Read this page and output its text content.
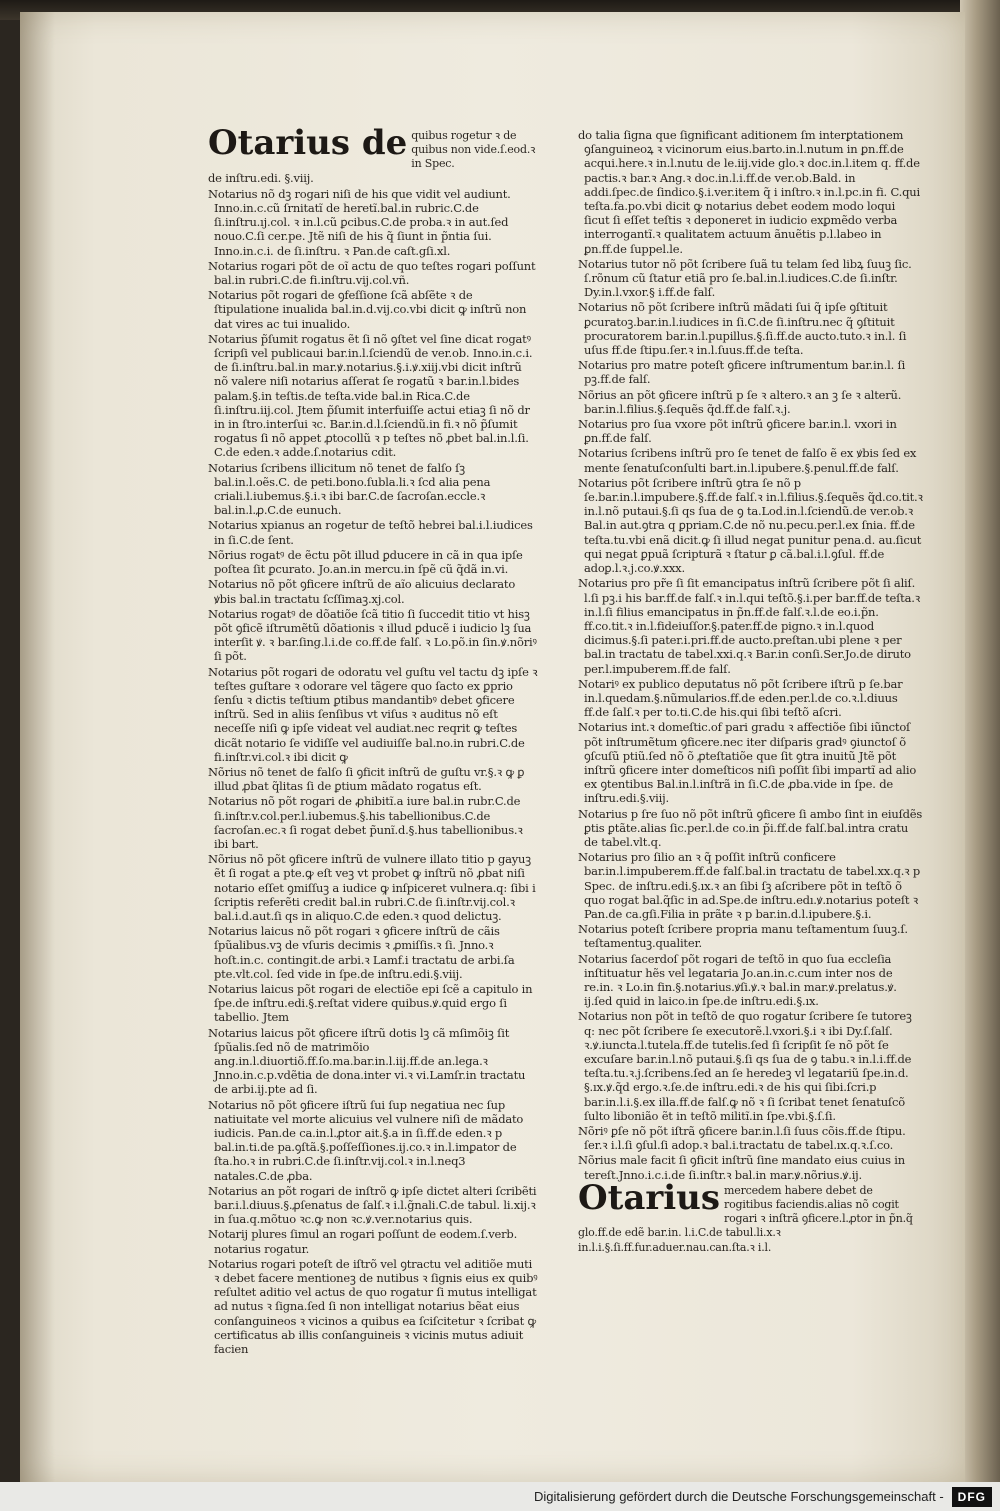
Otarius de quibus rogetur ꝛ de quibus non vide.ſ.eod.ꝛ in Spec.
de inſtru.edi. §.viij.

Notarius nõ dꝫ rogari niſi de his que vidit vel audiunt. Inno.in.c.cũ ſrnitatĩ de heretĩ.bal.in rubric.C.de ſi.inſtru.ıj.col. ꝛ in.l.cũ ꝑcibus.C.de proba.ꝛ in aut.ſed nouo.C.ſi cer.pe. Jtẽ niſi de his q̃ ſiunt in p̃ntia ſui. Inno.in.c.i. de ſi.inſtru. ꝛ Pan.de caſt.gſi.xl.

Notarius rogari põt de oĩ actu de quo teſtes rogari poſſunt bal.in rubri.C.de fi.inſtru.vij.col.vñ.

Notarius põt rogari de ꝯfeſſione ſcã abſẽte ꝛ de ſtipulatione inualida bal.in.d.vij.co.vbi dicit ꝙ inſtrũ non dat vires ac tui inualido.

Notarius p̃ſumit rogatus ẽt ſi nõ ꝯſtet vel ſine dicat rogatꝰ ſcripſi vel publicaui bar.in.l.ſciendũ de ver.ob. Inno.in.c.i. de ſi.inſtru.bal.in mar.ꝟ.notarius.§.i.ꝟ.xiij.vbi dicit inſtrũ nõ valere niſi notarius aſſerat ſe rogatũ ꝛ bar.in.l.bides palam.§.in teſtis.de teſta.vide bal.in Rica.C.de ſi.inſtru.iij.col. Jtem p̃ſumit interfuiſſe actui etiaꝫ ſi nõ dr in in ſtro.interſui ꝛc. Bar.in.d.l.ſciendũ.in fi.ꝛ nõ p̃ſumit rogatus ſi nõ appet ꝓtocollũ ꝛ p teſtes nõ ꝓbet bal.in.l.ſi. C.de eden.ꝛ adde.ſ.notarius cdit.

Notarius ſcribens illicitum nõ tenet de falſo ſꝫ bal.in.l.oẽs.C. de peti.bono.ſubla.li.ꝛ ſcd alia pena criali.l.iubemus.§.i.ꝛ ibi bar.C.de ſacroſan.eccle.ꝛ bal.in.l.ꝓ.C.de eunuch.

Notarius xpianus an rogetur de teſtõ hebrei bal.i.l.iudices in ſi.C.de ſent.

Nõrius rogatꝰ de ẽctu põt illud ꝑducere in cã in qua ipſe poſtea ſit ꝑcurato. Jo.an.in mercu.in ſpẽ cũ q̃dã in.vi.

Notarius nõ põt ꝯficere inſtrũ de aĩo alicuius declarato ꝟbis bal.in tractatu ſcſſimaꝫ.xj.col.

Notarius rogatꝰ de dõatiõe ſcã titio ſi ſuccedit titio vt hisꝫ põt ꝯficẽ iſtrumẽtũ dõationis ꝛ illud ꝑducẽ i iudicio lꝫ ſua interſit ꝟ. ꝛ bar.ſing.l.i.de co.ff.de falſ. ꝛ Lo.põ.in ſin.ꝟ.nõriꝰ ſi põt.

Notarius põt rogari de odoratu vel guſtu vel tactu dꝫ ipſe ꝛ teſtes guſtare ꝛ odorare vel tãgere quo ſacto ex ꝑprio ſenſu ꝛ dictis teſtium ꝑtibus mandantibꝰ debet ꝯficere inſtrũ. Sed in aliis ſenſibus vt viſus ꝛ auditus nõ eſt neceſſe niſi ꝙ ipſe videat vel audiat.nec reqrit ꝙ teſtes dicãt notario ſe vidiſſe vel audiuiſſe bal.no.in rubri.C.de fi.inſtr.vi.col.ꝛ ibi dicit ꝙ

Nõrius nõ tenet de falſo ſi ꝯficit inſtrũ de guſtu vr.§.ꝛ ꝙ ꝑ illud ꝓbat q̃litas ſi de ꝑtium mãdato rogatus eſt.

Notarius nõ põt rogari de ꝓhibitĩ.a iure bal.in rubr.C.de ſi.inſtr.v.col.per.l.iubemus.§.his tabellionibus.C.de ſacroſan.ec.ꝛ ſi rogat debet p̃unĩ.d.§.hus tabellionibus.ꝛ ibi bart.

Nõrius nõ põt ꝯficere inſtrũ de vulnere illato titio p gayuꝫ ẽt ſi rogat a pte.ꝙ eſt veꝫ vt probet ꝙ inſtrũ nõ ꝓbat niſi notario eſſet ꝯmiſſuꝫ a iudice ꝙ inſpiceret vulnera.q: ſibi i ſcriptis referẽti credit bal.in rubri.C.de ſi.inſtr.vij.col.ꝛ bal.i.d.aut.ſi qs in aliquo.C.de eden.ꝛ quod delictuꝫ.

Notarius laicus nõ põt rogari ꝛ ꝯficere inſtrũ de cãis ſpũalibus.vꝫ de vſuris decimis ꝛ ꝓmiſſis.ꝛ ſi. Jnno.ꝛ hoſt.in.c. contingit.de arbi.ꝛ Lamf.i tractatu de arbi.ſa pte.vlt.col. ſed vide in ſpe.de inſtru.edi.§.viij.

Notarius laicus põt rogari de electiõe epi ſcẽ a capitulo in ſpe.de inſtru.edi.§.reſtat videre quibus.ꝟ.quid ergo ſi tabellio. Jtem

Notarius laicus põt ꝯficere iſtrũ dotis lꝫ cã mſimõiꝫ ſit ſpũalis.ſed nõ de matrimõio ang.in.l.diuortiõ.ff.ſo.ma.bar.in.l.iij.ff.de an.lega.ꝛ Jnno.in.c.p.vdẽtia de dona.inter vi.ꝛ vi.Lamſr.in tractatu de arbi.ij.pte ad ſi.

Notarius nõ põt ꝯficere iſtrũ ſui ſup negatiua nec ſup natiuitate vel morte alicuius vel vulnere niſi de mãdato iudicis. Pan.de ca.in.l.ꝓtor ait.§.a in ſi.ff.de eden.ꝛ p bal.in.ti.de pa.ꝯſtã.§.poſſeſſiones.ij.co.ꝛ in.l.imꝑator de ſta.ho.ꝛ in rubri.C.de ſi.inſtr.vij.col.ꝛ in.l.neq3 natales.C.de ꝓba.

Notarius an põt rogari de inſtrõ ꝙ ipſe dictet alteri ſcribẽti bar.i.l.diuus.§.ꝓſenatus de ſalſ.ꝛ i.l.g̃nali.C.de tabul. li.xij.ꝛ in ſua.q.mõtuo ꝛc.ꝙ non ꝛc.ꝟ.ver.notarius quis.

Notarij plures ſimul an rogari poſſunt de eodem.ſ.verb. notarius rogatur.

Notarius rogari poteſt de iſtrõ vel ꝯtractu vel aditiõe muti ꝛ debet facere mentioneꝫ de nutibus ꝛ ſignis eius ex quibꝰ reſultet aditio vel actus de quo rogatur ſi mutus intelligat ad nutus ꝛ ſigna.ſed ſi non intelligat notarius bẽat eius conſanguineos ꝛ vicinos a quibus ea ſciſcitetur ꝛ ſcribat ꝙ certificatus ab illis conſanguineis ꝛ vicinis mutus adiuit facien

do talia ſigna que ſignificant aditionem ſm interꝑtationem ꝯſanguineoꝝ ꝛ vicinorum eius.barto.in.l.nutum in ꝑn.ff.de acqui.here.ꝛ in.l.nutu de le.iij.vide glo.ꝛ doc.in.l.item q. ff.de pactis.ꝛ bar.ꝛ Ang.ꝛ doc.in.l.i.ff.de ver.ob.Bald. in addi.ſpec.de ſindico.§.i.ver.item q̃ i inſtro.ꝛ in.l.pc.in fi. C.qui teſta.fa.po.vbi dicit ꝙ notarius debet eodem modo loqui ſicut ſi eſſet teſtis ꝛ deponeret in iudicio exꝑmẽdo verba interrogantĩ.ꝛ qualitatem actuum ãnuẽtis p.l.labeo in ꝑn.ff.de ſuppel.le.

Notarius tutor nõ põt ſcribere ſuã tu telam ſed libꝝ ſuuꝫ ſic. ſ.rõnum cũ ſtatur etiã pro ſe.bal.in.l.iudices.C.de ſi.inſtr. Dy.in.l.vxor.§ i.ff.de falſ.

Notarius nõ põt ſcribere inſtrũ mãdati ſui q̃ ipſe ꝯſtituit ꝑcuratoꝫ.bar.in.l.iudices in ſi.C.de ſi.inſtru.nec q̃ ꝯſtituit procuratorem bar.in.l.pupillus.§.ſi.ff.de aucto.tuto.ꝛ in.l. ſi uſus ff.de ſtipu.ſer.ꝛ in.l.ſuus.ff.de teſta.

Notarius pro matre poteſt ꝯficere inſtrumentum bar.in.l. ſi pꝫ.ff.de falſ.

Nõrius an põt ꝯficere inſtrũ p ſe ꝛ altero.ꝛ an ꝫ ſe ꝛ alterũ. bar.in.l.filius.§.ſequẽs q̃d.ff.de falſ.ꝛ.j.

Notarius pro ſua vxore põt inſtrũ ꝯficere bar.in.l. vxori in ꝑn.ff.de falſ.

Notarius ſcribens inſtrũ pro ſe tenet de falſo ẽ ex ꝟbis ſed ex mente ſenatuſconſulti bart.in.l.ipubere.§.penul.ff.de falſ.

Notarius põt ſcribere inſtrũ ꝯtra ſe nõ p ſe.bar.in.l.impubere.§.ff.de falſ.ꝛ in.l.filius.§.ſequẽs q̃d.co.tit.ꝛ in.l.nõ putaui.§.ſi qs ſua de ꝯ ta.Lod.in.l.ſciendũ.de ver.ob.ꝛ Bal.in aut.ꝯtra q ꝑpriam.C.de nõ nu.pecu.per.l.ex ſnia. ff.de teſta.tu.vbi enã dicit.ꝙ ſi illud negat punitur pena.d. au.ſicut qui negat ꝑpuã ſcripturã ꝛ ſtatur ꝑ cã.bal.i.l.ꝯſul. ff.de adoꝑ.l.ꝛ.j.co.ꝟ.xxx.

Notarius pro pr̃e ſi ſit emancipatus inſtrũ ſcribere põt ſi aliſ. l.ſi pꝫ.i his bar.ff.de falſ.ꝛ in.l.qui teſtõ.§.i.per bar.ff.de teſta.ꝛ in.l.ſi filius emancipatus in p̃n.ff.de falſ.ꝛ.l.de eo.i.p̃n. ff.co.tit.ꝛ in.l.fideiuſſor.§.pater.ff.de pigno.ꝛ in.l.quod dicimus.§.ſi pater.i.pri.ff.de aucto.preſtan.ubi plene ꝛ per bal.in tractatu de tabel.xxi.q.ꝛ Bar.in conſi.Ser.Jo.de diruto per.l.impuberem.ff.de falſ.

Notariꝰ ex publico deputatus nõ põt ſcribere iſtrũ p ſe.bar in.l.quedam.§.nũmularios.ff.de eden.per.l.de co.ꝛ.l.diuus ff.de ſalſ.ꝛ per to.ti.C.de his.qui ſibi teſtõ aſcri.

Notarius int.ꝛ domeſtic.of pari gradu ꝛ affectiõe ſibi iũnctoſ põt inſtrumẽtum ꝯficere.nec iter diſparis gradꝰ ꝯiunctoſ õ ꝯſcuſũ ptiũ.ſed nõ õ ꝓteſtatiõe que ſit ꝯtra inuitũ Jtẽ põt inſtrũ ꝯficere inter domeſticos niſi poſſit ſibi impartĩ ad alio ex ꝯtentibus Bal.in.l.inſtrã in ſi.C.de ꝓba.vide in ſpe. de inſtru.edi.§.viij.

Notarius p ſre ſuo nõ põt inſtrũ ꝯficere ſi ambo ſint in eiuſdẽs ꝑtis ꝑtãte.alias ſic.per.l.de co.in p̃i.ff.de falſ.bal.intra cratu de tabel.vlt.q.

Notarius pro ſilio an ꝛ q̃ poſſit inſtrũ conficere bar.in.l.impuberem.ff.de falſ.bal.in tractatu de tabel.xx.q.ꝛ p Spec. de inſtru.edi.§.ıx.ꝛ an ſibi ſꝫ aſcribere põt in teſtõ õ quo rogat bal.q̃ſic in ad.Spe.de inſtru.edı.ꝟ.notarius poteſt ꝛ Pan.de ca.gſi.Filia in prãte ꝛ p bar.in.d.l.ipubere.§.i.

Notarius poteſt ſcribere propria manu teſtamentum ſuuꝫ.ſ. teſtamentuꝫ.qualiter.

Notarius ſacerdoſ põt rogari de teſtõ in quo ſua eccleſia inſtituatur hẽs vel legataria Jo.an.in.c.cum inter nos de re.in. ꝛ Lo.in fin.§.notarius.ꝟſi.ꝟ.ꝛ bal.in mar.ꝟ.prelatus.ꝟ. ij.ſed quid in laico.in ſpe.de inſtru.edi.§.ıx.

Notarius non põt in teſtõ de quo rogatur ſcribere ſe tutoreꝫ q: nec põt ſcribere ſe executorẽ.l.vxori.§.i ꝛ ibi Dy.ſ.ſalſ. ꝛ.ꝟ.iuncta.l.tutela.ff.de tutelis.ſed ſi ſcripſit ſe nõ põt ſe excuſare bar.in.l.nõ putaui.§.ſi qs ſua de ꝯ tabu.ꝛ in.l.i.ff.de teſta.tu.ꝛ.j.ſcribens.ſed an ſe heredeꝫ vl legatariũ ſpe.in.d. §.ıx.ꝟ.q̃d ergo.ꝛ.ſe.de inſtru.edi.ꝛ de his qui ſibi.ſcri.p bar.in.l.i.§.ex illa.ff.de falſ.ꝙ nõ ꝛ ſi ſcribat tenet ſenatuſcõ ſulto libonião ẽt in teſtõ militĩ.in ſpe.vbi.§.ſ.ſi.

Nõriꝰ ꝑſe nõ põt iſtrã ꝯficere bar.in.l.ſi ſuus cõis.ff.de ſtipu. ſer.ꝛ i.l.ſi ꝯſul.ſi adop.ꝛ bal.i.tractatu de tabel.ıx.q.ꝛ.ſ.co.

Nõrius male facit ſi ꝯficit inſtrũ ſine mandato eius cuius in tereſt.Jnno.i.c.i.de ſi.inſtr.ꝛ bal.in mar.ꝟ.nõrius.ꝟ.ij.

Otarius mercedem habere debet de rogitibus faciendis.alias nõ cogit rogari ꝛ inſtrã ꝯficere.l.ꝓtor in p̃n.q̃ glo.ff.de edẽ bar.in. l.i.C.de tabul.li.x.ꝛ in.l.i.§.ſi.ff.fur.aduer.nau.can.ſta.ꝛ i.l.
Digitalisierung gefördert durch die Deutsche Forschungsgemeinschaft -	DFG
